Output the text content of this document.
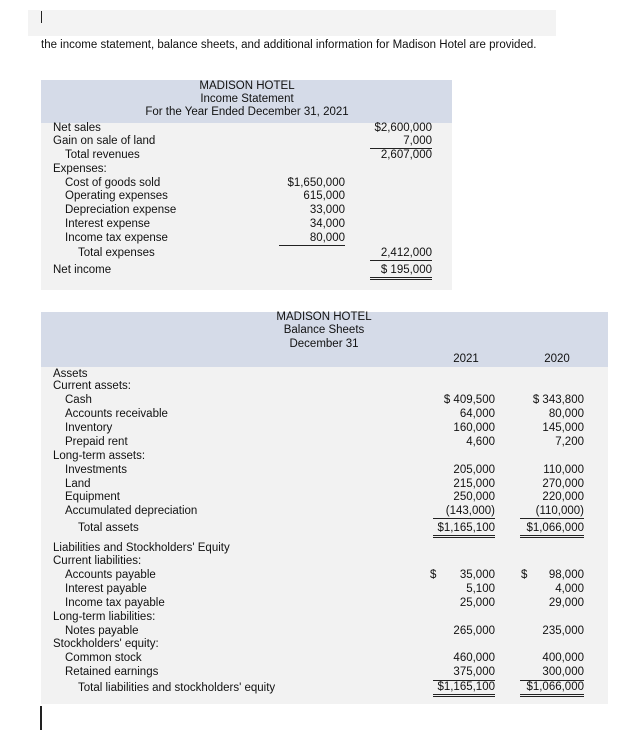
the income statement, balance sheets, and additional information for Madison Hotel are provided.
MADISON HOTEL
Income Statement
For the Year Ended December 31, 2021
Net sales	$2,600,000
Gain on sale of land	7,000
Total revenues	2,607,000
Expenses:
Cost of goods sold	$1,650,000
Operating expenses	615,000
Depreciation expense	33,000
Interest expense	34,000
Income tax expense	80,000
Total expenses	2,412,000
Net income	$ 195,000
MADISON HOTEL
Balance Sheets
December 31
2021	2020
Assets
Current assets:
Cash	$ 409,500	$ 343,800
Accounts receivable	64,000	80,000
Inventory	160,000	145,000
Prepaid rent	4,600	7,200
Long-term assets:
Investments	205,000	110,000
Land	215,000	270,000
Equipment	250,000	220,000
Accumulated depreciation	(143,000)	(110,000)
Total assets	$1,165,100	$1,066,000
Liabilities and Stockholders' Equity
Current liabilities:
Accounts payable	$ 35,000 $ 98,000
Interest payable	5,100	4,000
Income tax payable	25,000	29,000
Long-term liabilities:
Notes payable	265,000	235,000
Stockholders' equity:
Common stock	460,000	400,000
Retained earnings	375,000	300,000
Total liabilities and stockholders' equity	$1,165,100	$1,066,000
